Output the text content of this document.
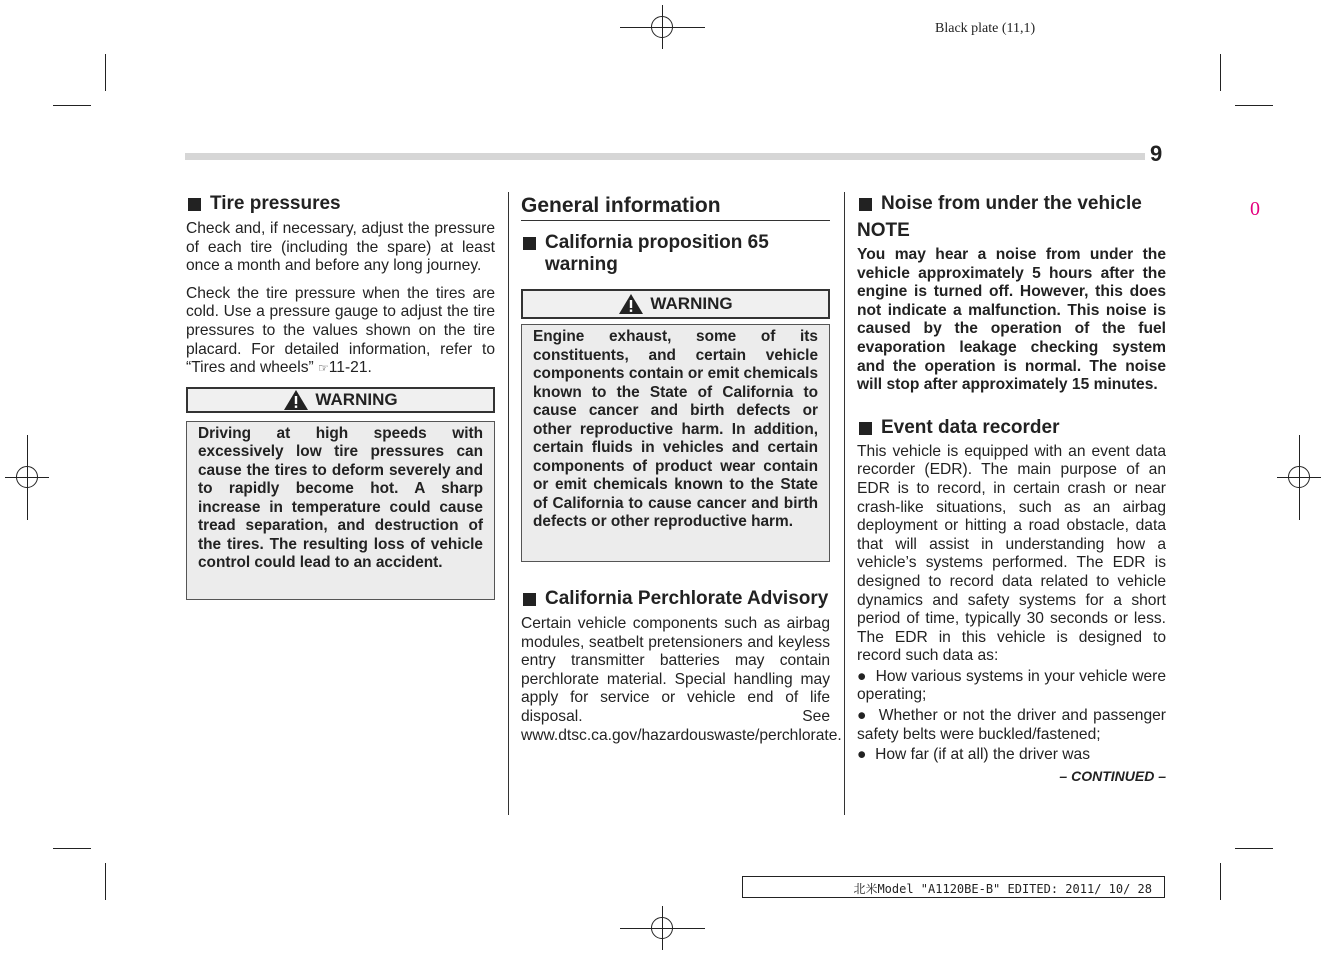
Black plate (11,1)
9
0
Tire pressures

Check and, if necessary, adjust the pressure of each tire (including the spare) at least once a month and before any long journey.

Check the tire pressure when the tires are cold. Use a pressure gauge to adjust the tire pressures to the values shown on the tire placard. For detailed information, refer to “Tires and wheels” ☞11-21.

WARNING
Driving at high speeds with excessively low tire pressures can cause the tires to deform severely and to rapidly become hot. A sharp increase in temperature could cause tread separation, and destruction of the tires. The resulting loss of vehicle control could lead to an accident.
General information
California proposition 65 warning
WARNING
Engine exhaust, some of its constituents, and certain vehicle components contain or emit chemicals known to the State of California to cause cancer and birth defects or other reproductive harm. In addition, certain fluids in vehicles and certain components of product wear contain or emit chemicals known to the State of California to cause cancer and birth defects or other reproductive harm.
California Perchlorate Advisory

Certain vehicle components such as airbag modules, seatbelt pretensioners and keyless entry transmitter batteries may contain perchlorate material. Special handling may apply for service or vehicle end of life disposal. See www.dtsc.ca.gov/hazardouswaste/perchlorate.

Noise from under the vehicle
NOTE

You may hear a noise from under the vehicle approximately 5 hours after the engine is turned off. However, this does not indicate a malfunction. This noise is caused by the operation of the fuel evaporation leakage checking system and the operation is normal. The noise will stop after approximately 15 minutes.

Event data recorder

This vehicle is equipped with an event data recorder (EDR). The main purpose of an EDR is to record, in certain crash or near crash-like situations, such as an airbag deployment or hitting a road obstacle, data that will assist in understanding how a vehicle’s systems performed. The EDR is designed to record data related to vehicle dynamics and safety systems for a short period of time, typically 30 seconds or less. The EDR in this vehicle is designed to record such data as:

●  How various systems in your vehicle were operating;

●  Whether or not the driver and passenger safety belts were buckled/fastened;

●  How far (if at all) the driver was

– CONTINUED –
北米Model "A1120BE-B" EDITED: 2011/ 10/ 28
